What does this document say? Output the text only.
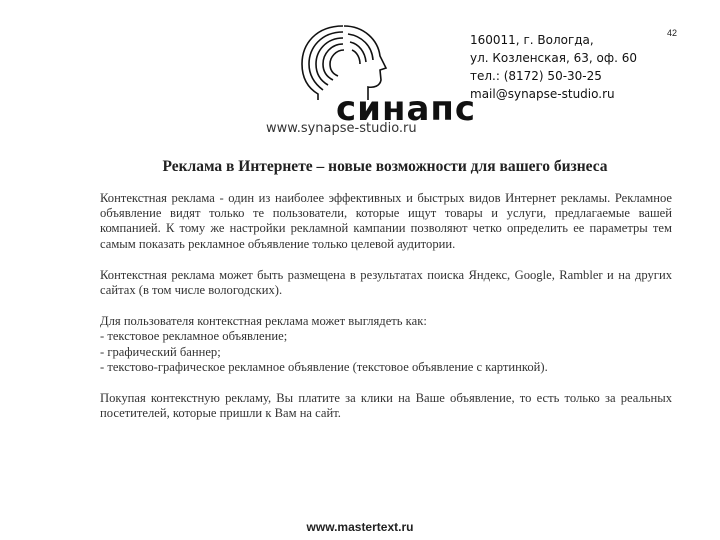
42
синапс
www.synapse-studio.ru
160011, г. Вологда,
ул. Козленская, 63, оф. 60
тел.: (8172) 50-30-25
mail@synapse-studio.ru
Реклама в Интернете – новые возможности для вашего бизнеса

Контекстная реклама - один из наиболее эффективных и быстрых видов Интернет рекламы. Рекламное объявление видят только те пользователи, которые ищут товары и услуги, предлагаемые вашей компанией. К тому же настройки рекламной кампании позволяют четко определить ее параметры тем самым показать рекламное объявление только целевой аудитории.

Контекстная реклама может быть размещена в результатах поиска Яндекс, Google, Rambler и на других сайтах (в том числе вологодских).

Для пользователя контекстная реклама может выглядеть как:
- текстовое рекламное объявление;
- графический баннер;
- текстово-графическое рекламное объявление (текстовое объявление с картинкой).

Покупая контекстную рекламу, Вы платите за клики на Ваше объявление, то есть только за реальных посетителей, которые пришли к Вам на сайт.

www.mastertext.ru
